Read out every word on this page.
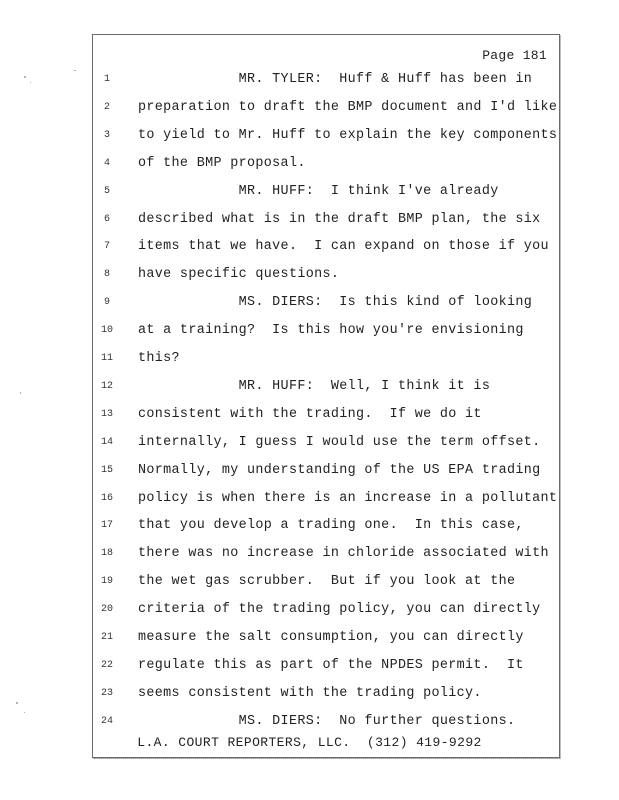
Page 181
1	MR. TYLER:  Huff & Huff has been in
2	preparation to draft the BMP document and I'd like
3	to yield to Mr. Huff to explain the key components
4	of the BMP proposal.
5	MR. HUFF:  I think I've already
6	described what is in the draft BMP plan, the six
7	items that we have.  I can expand on those if you
8	have specific questions.
9	MS. DIERS:  Is this kind of looking
10	at a training?  Is this how you're envisioning
11	this?
12	MR. HUFF:  Well, I think it is
13	consistent with the trading.  If we do it
14	internally, I guess I would use the term offset.
15	Normally, my understanding of the US EPA trading
16	policy is when there is an increase in a pollutant
17	that you develop a trading one.  In this case,
18	there was no increase in chloride associated with
19	the wet gas scrubber.  But if you look at the
20	criteria of the trading policy, you can directly
21	measure the salt consumption, you can directly
22	regulate this as part of the NPDES permit.  It
23	seems consistent with the trading policy.
24	MS. DIERS:  No further questions.
L.A. COURT REPORTERS, LLC.  (312) 419-9292
